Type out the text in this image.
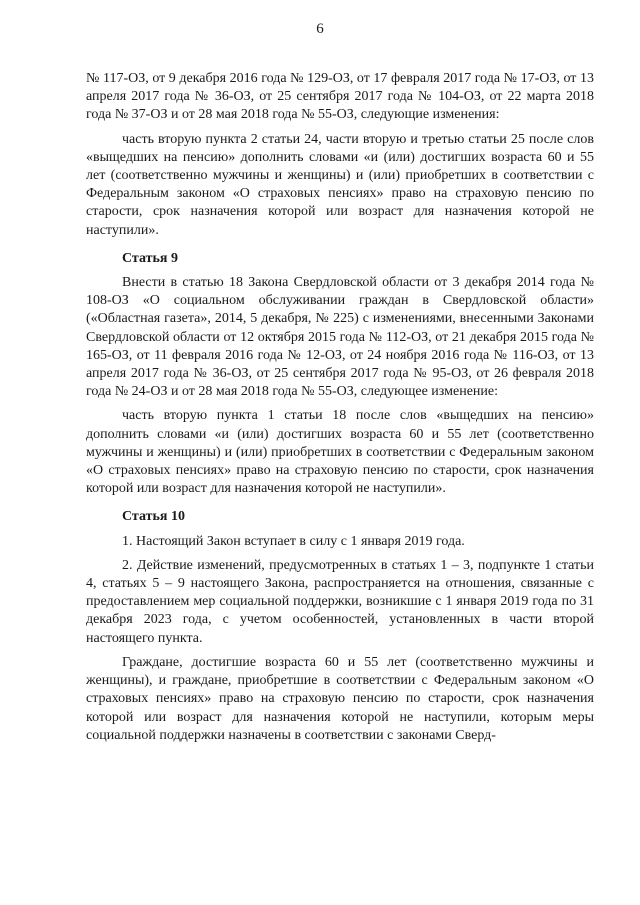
6

№ 117-ОЗ, от 9 декабря 2016 года № 129-ОЗ, от 17 февраля 2017 года № 17-ОЗ, от 13 апреля 2017 года № 36-ОЗ, от 25 сентября 2017 года № 104-ОЗ, от 22 марта 2018 года № 37-ОЗ и от 28 мая 2018 года № 55-ОЗ, следующие изменения:

часть вторую пункта 2 статьи 24, части вторую и третью статьи 25 после слов «выщедших на пенсию» дополнить словами «и (или) достигших возраста 60 и 55 лет (соответственно мужчины и женщины) и (или) приобретших в соответствии с Федеральным законом «О страховых пенсиях» право на страховую пенсию по старости, срок назначения которой или возраст для назначения которой не наступили».

Статья 9

Внести в статью 18 Закона Свердловской области от 3 декабря 2014 года № 108-ОЗ «О социальном обслуживании граждан в Свердловской области» («Областная газета», 2014, 5 декабря, № 225) с изменениями, внесенными Законами Свердловской области от 12 октября 2015 года № 112-ОЗ, от 21 декабря 2015 года № 165-ОЗ, от 11 февраля 2016 года № 12-ОЗ, от 24 ноября 2016 года № 116-ОЗ, от 13 апреля 2017 года № 36-ОЗ, от 25 сентября 2017 года № 95-ОЗ, от 26 февраля 2018 года № 24-ОЗ и от 28 мая 2018 года № 55-ОЗ, следующее изменение:

часть вторую пункта 1 статьи 18 после слов «выщедших на пенсию» дополнить словами «и (или) достигших возраста 60 и 55 лет (соответственно мужчины и женщины) и (или) приобретших в соответствии с Федеральным законом «О страховых пенсиях» право на страховую пенсию по старости, срок назначения которой или возраст для назначения которой не наступили».

Статья 10

1. Настоящий Закон вступает в силу с 1 января 2019 года.

2. Действие изменений, предусмотренных в статьях 1 – 3, подпункте 1 статьи 4, статьях 5 – 9 настоящего Закона, распространяется на отношения, связанные с предоставлением мер социальной поддержки, возникшие с 1 января 2019 года по 31 декабря 2023 года, с учетом особенностей, установленных в части второй настоящего пункта.

Граждане, достигшие возраста 60 и 55 лет (соответственно мужчины и женщины), и граждане, приобретшие в соответствии с Федеральным законом «О страховых пенсиях» право на страховую пенсию по старости, срок назначения которой или возраст для назначения которой не наступили, которым меры социальной поддержки назначены в соответствии с законами Сверд-
